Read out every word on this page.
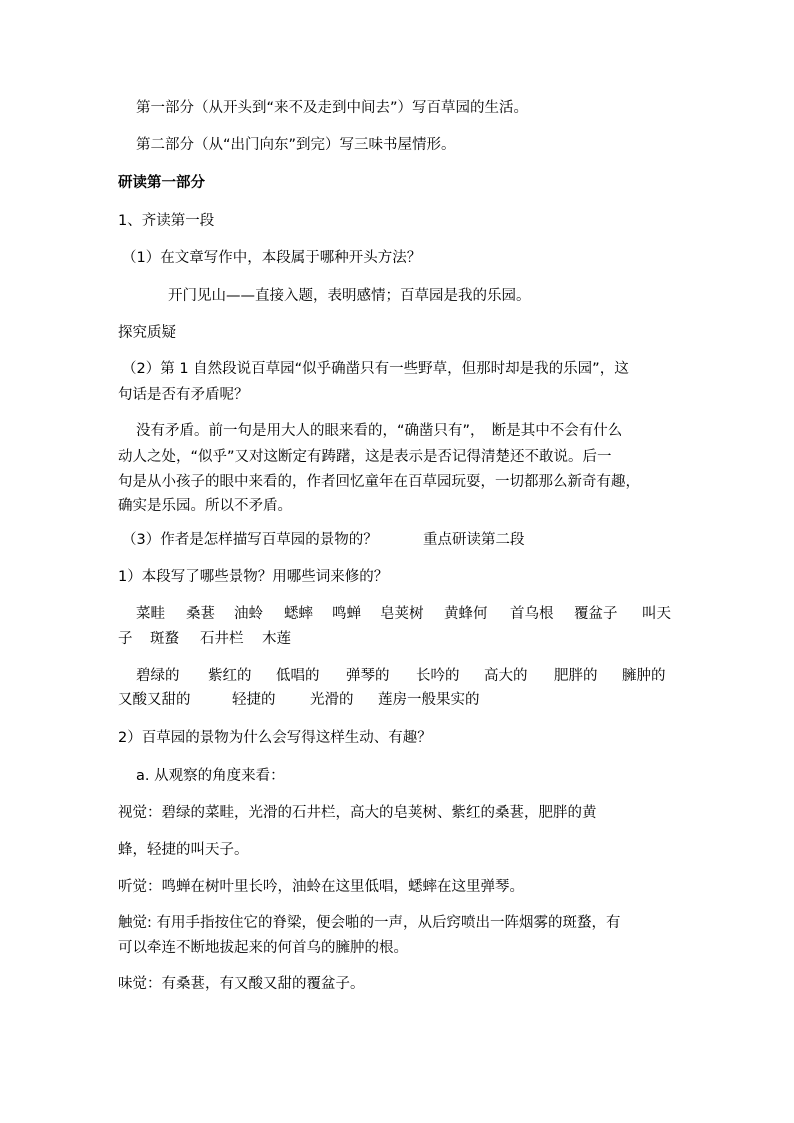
第一部分（从开头到“来不及走到中间去”）写百草园的生活。
第二部分（从“出门向东”到完）写三味书屋情形。
研读第一部分
1、齐读第一段
（1）在文章写作中，本段属于哪种开头方法？
开门见山——直接入题，表明感情；百草园是我的乐园。
探究质疑
（2）第 1 自然段说百草园“似乎确凿只有一些野草，但那时却是我的乐园”，这
句话是否有矛盾呢？
没有矛盾。前一句是用大人的眼来看的，“确凿只有”，　断是其中不会有什么
动人之处，“似乎”又对这断定有踌躇，这是表示是否记得清楚还不敢说。后一
句是从小孩子的眼中来看的，作者回忆童年在百草园玩耍，一切都那么新奇有趣，
确实是乐园。所以不矛盾。
（3）作者是怎样描写百草园的景物的？	重点研读第二段
1）本段写了哪些景物？用哪些词来修的？
菜畦 桑葚 油蛉 蟋蟀 鸣蝉 皂荚树 黄蜂何 首乌根 覆盆子 叫天
子 斑蝥 石井栏 木莲
碧绿的 紫红的 低唱的 弹琴的 长吟的 高大的 肥胖的 臃肿的
又酸又甜的	轻捷的 光滑的 莲房一般果实的
2）百草园的景物为什么会写得这样生动、有趣？
a. 从观察的角度来看：
视觉：碧绿的菜畦，光滑的石井栏，高大的皂荚树、紫红的桑葚，肥胖的黄
蜂，轻捷的叫天子。
听觉：鸣蝉在树叶里长吟，油蛉在这里低唱，蟋蟀在这里弹琴。
触觉: 有用手指按住它的脊梁，便会啪的一声，从后窍喷出一阵烟雾的斑蝥，有
可以牵连不断地拔起来的何首乌的臃肿的根。
味觉：有桑葚，有又酸又甜的覆盆子。
